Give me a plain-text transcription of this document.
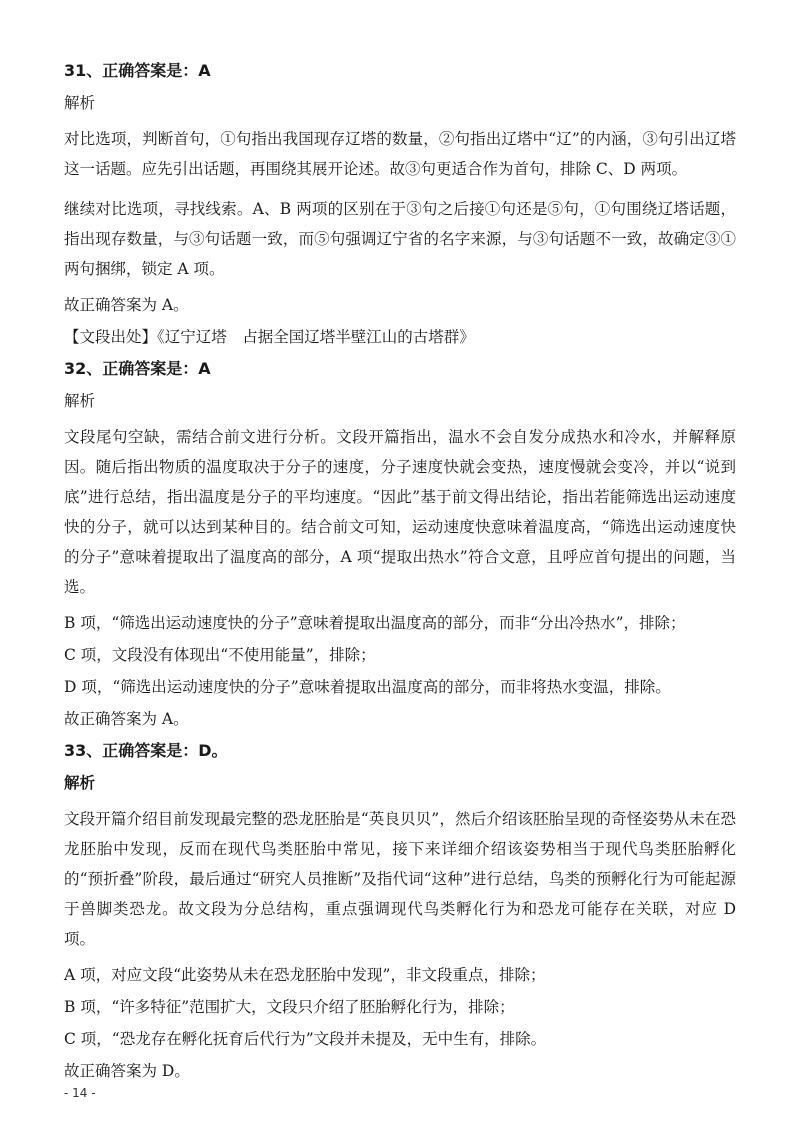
31、正确答案是：A
解析
对比选项，判断首句，①句指出我国现存辽塔的数量，②句指出辽塔中“辽”的内涵，③句引出辽塔这一话题。应先引出话题，再围绕其展开论述。故③句更适合作为首句，排除 C、D 两项。
继续对比选项，寻找线索。A、B 两项的区别在于③句之后接①句还是⑤句，①句围绕辽塔话题，指出现存数量，与③句话题一致，而⑤句强调辽宁省的名字来源，与③句话题不一致，故确定③①两句捆绑，锁定 A 项。
故正确答案为 A。
【文段出处】《辽宁辽塔　占据全国辽塔半壁江山的古塔群》
32、正确答案是：A
解析
文段尾句空缺，需结合前文进行分析。文段开篇指出，温水不会自发分成热水和冷水，并解释原因。随后指出物质的温度取决于分子的速度，分子速度快就会变热，速度慢就会变冷，并以“说到底”进行总结，指出温度是分子的平均速度。“因此”基于前文得出结论，指出若能筛选出运动速度快的分子，就可以达到某种目的。结合前文可知，运动速度快意味着温度高，“筛选出运动速度快的分子”意味着提取出了温度高的部分，A 项“提取出热水”符合文意，且呼应首句提出的问题，当选。
B 项，“筛选出运动速度快的分子”意味着提取出温度高的部分，而非“分出冷热水”，排除；
C 项，文段没有体现出“不使用能量”，排除；
D 项，“筛选出运动速度快的分子”意味着提取出温度高的部分，而非将热水变温，排除。
故正确答案为 A。
33、正确答案是：D。
解析
文段开篇介绍目前发现最完整的恐龙胚胎是“英良贝贝”，然后介绍该胚胎呈现的奇怪姿势从未在恐龙胚胎中发现，反而在现代鸟类胚胎中常见，接下来详细介绍该姿势相当于现代鸟类胚胎孵化的“预折叠”阶段，最后通过“研究人员推断”及指代词“这种”进行总结，鸟类的预孵化行为可能起源于兽脚类恐龙。故文段为分总结构，重点强调现代鸟类孵化行为和恐龙可能存在关联，对应 D 项。
A 项，对应文段“此姿势从未在恐龙胚胎中发现”，非文段重点，排除；
B 项，“许多特征”范围扩大，文段只介绍了胚胎孵化行为，排除；
C 项，“恐龙存在孵化抚育后代行为”文段并未提及，无中生有，排除。
故正确答案为 D。
- 14 -
